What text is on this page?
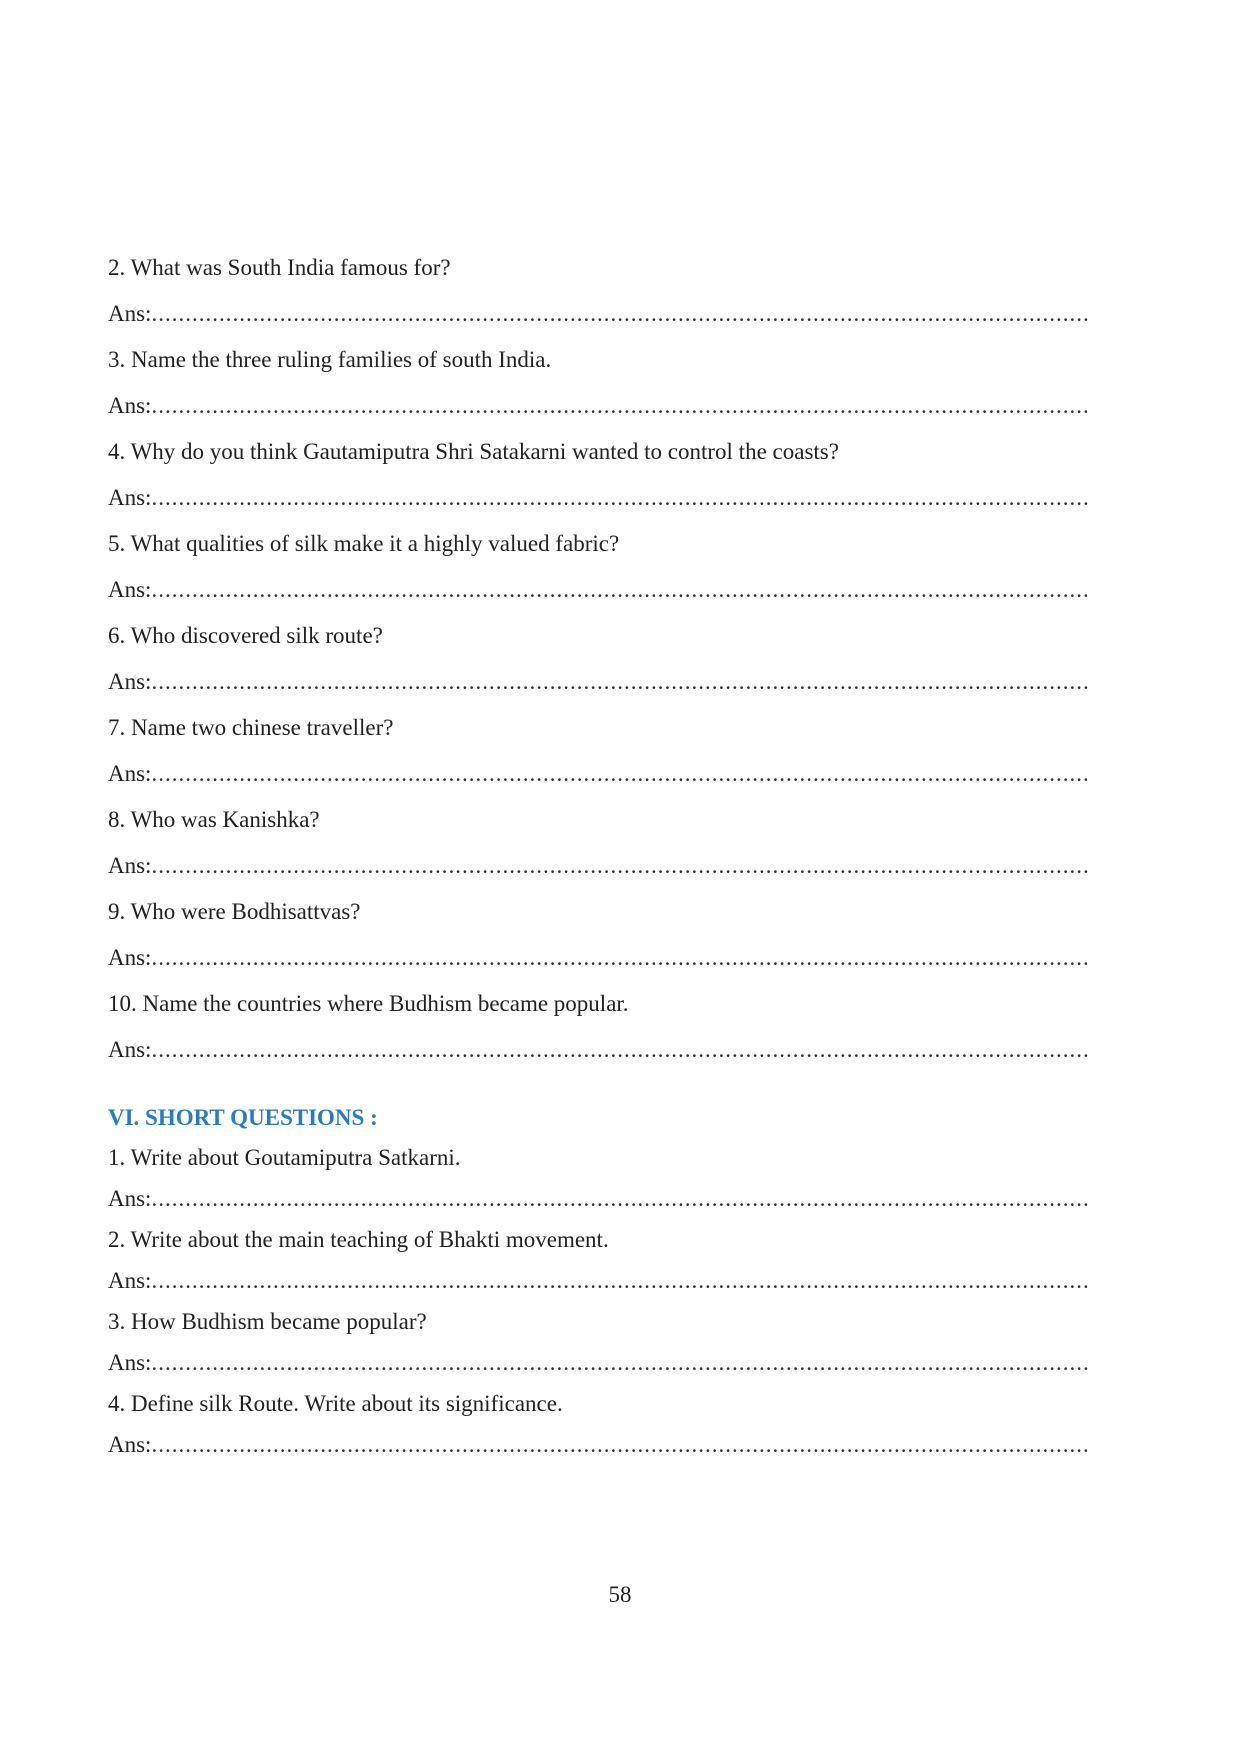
2. What was South India famous for?
Ans:
.....
3. Name the three ruling families of south India.
Ans:
.....
4. Why do you think Gautamiputra Shri Satakarni wanted to control the coasts?
Ans:
.....
5. What qualities of silk make it a highly valued fabric?
Ans:
.....
6. Who discovered silk route?
Ans:
.....
7. Name two chinese traveller?
Ans:
.....
8. Who was Kanishka?
Ans:
.....
9. Who were Bodhisattvas?
Ans:
.....
10. Name the countries where Budhism became popular.
Ans:
.....
VI. SHORT QUESTIONS :
1. Write about Goutamiputra Satkarni.
Ans:
.....
2. Write about the main teaching of Bhakti movement.
Ans:
.....
3. How Budhism became popular?
Ans:
.....
4. Define silk Route. Write about its significance.
Ans:
.....
58
